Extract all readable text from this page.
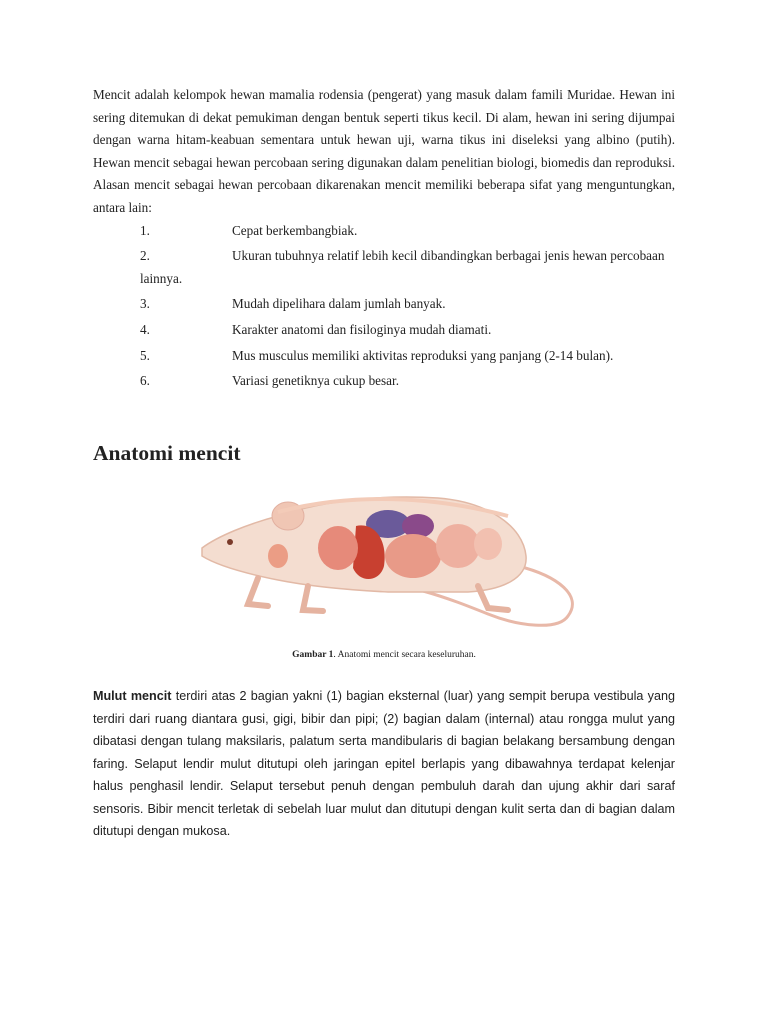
Mencit adalah kelompok hewan mamalia rodensia (pengerat) yang masuk dalam famili Muridae. Hewan ini sering ditemukan di dekat pemukiman dengan bentuk seperti tikus kecil. Di alam, hewan ini sering dijumpai dengan warna hitam-keabuan sementara untuk hewan uji, warna tikus ini diseleksi yang albino (putih). Hewan mencit sebagai hewan percobaan sering digunakan dalam penelitian biologi, biomedis dan reproduksi. Alasan mencit sebagai hewan percobaan dikarenakan mencit memiliki beberapa sifat yang menguntungkan, antara lain:

1.	Cepat berkembangbiak.
2.	Ukuran tubuhnya relatif lebih kecil dibandingkan berbagai jenis hewan percobaan
lainnya.
3.	Mudah dipelihara dalam jumlah banyak.
4.	Karakter anatomi dan fisiloginya mudah diamati.
5.	Mus musculus memiliki aktivitas reproduksi yang panjang (2-14 bulan).
6.	Variasi genetiknya cukup besar.
Anatomi mencit
Gambar 1. Anatomi mencit secara keseluruhan.

Mulut mencit terdiri atas 2 bagian yakni (1) bagian eksternal (luar) yang sempit berupa vestibula yang terdiri dari ruang diantara gusi, gigi, bibir dan pipi; (2) bagian dalam (internal) atau rongga mulut yang dibatasi dengan tulang maksilaris, palatum serta mandibularis di bagian belakang bersambung dengan faring. Selaput lendir mulut ditutupi oleh jaringan epitel berlapis yang dibawahnya terdapat kelenjar halus penghasil lendir. Selaput tersebut penuh dengan pembuluh darah dan ujung akhir dari saraf sensoris. Bibir mencit terletak di sebelah luar mulut dan ditutupi dengan kulit serta dan di bagian dalam ditutupi dengan mukosa.
